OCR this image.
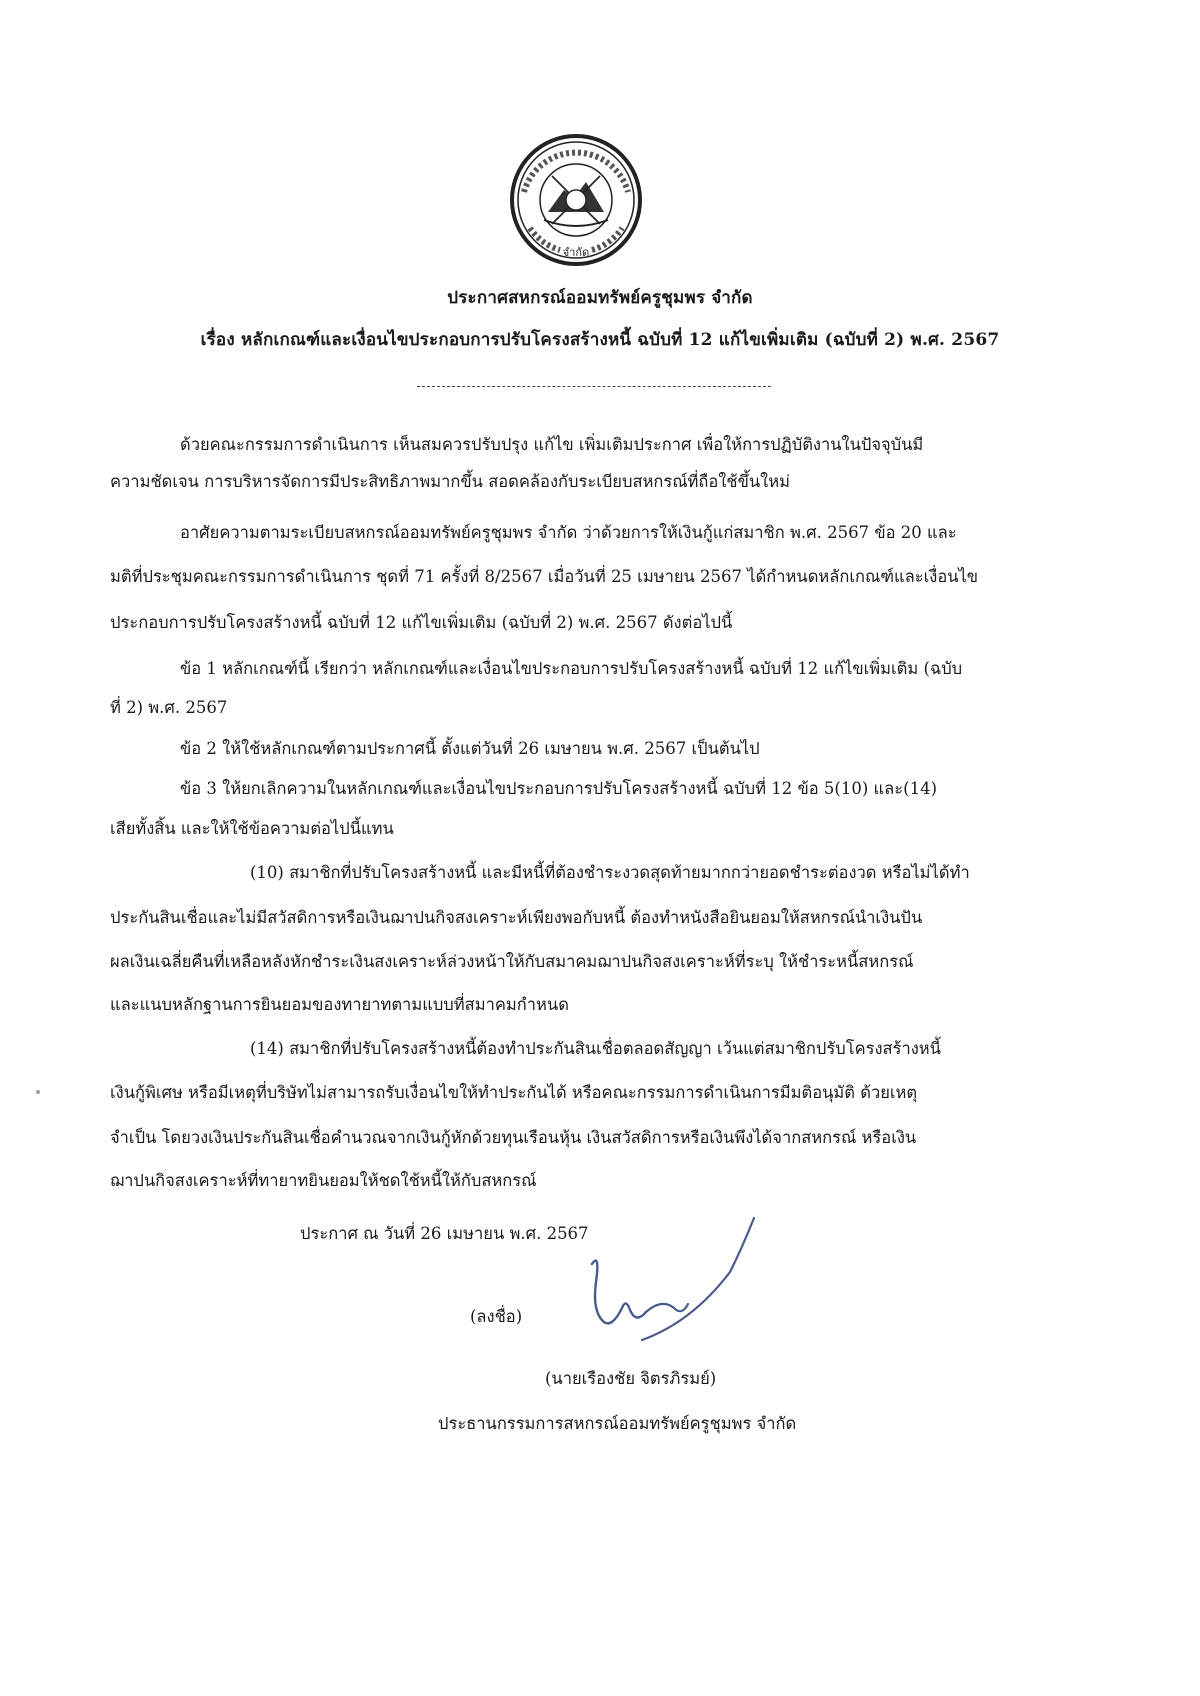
จำกัด
ประกาศสหกรณ์ออมทรัพย์ครูชุมพร จำกัด
เรื่อง หลักเกณฑ์และเงื่อนไขประกอบการปรับโครงสร้างหนี้ ฉบับที่ 12 แก้ไขเพิ่มเติม (ฉบับที่ 2) พ.ศ. 2567
ด้วยคณะกรรมการดำเนินการ เห็นสมควรปรับปรุง แก้ไข เพิ่มเติมประกาศ เพื่อให้การปฏิบัติงานในปัจจุบันมี
ความชัดเจน การบริหารจัดการมีประสิทธิภาพมากขึ้น สอดคล้องกับระเบียบสหกรณ์ที่ถือใช้ขึ้นใหม่
อาศัยความตามระเบียบสหกรณ์ออมทรัพย์ครูชุมพร จำกัด ว่าด้วยการให้เงินกู้แก่สมาชิก พ.ศ. 2567 ข้อ 20 และ
มติที่ประชุมคณะกรรมการดำเนินการ ชุดที่ 71 ครั้งที่ 8/2567 เมื่อวันที่ 25 เมษายน 2567 ได้กำหนดหลักเกณฑ์และเงื่อนไข
ประกอบการปรับโครงสร้างหนี้ ฉบับที่ 12 แก้ไขเพิ่มเติม (ฉบับที่ 2) พ.ศ. 2567 ดังต่อไปนี้
ข้อ 1 หลักเกณฑ์นี้ เรียกว่า หลักเกณฑ์และเงื่อนไขประกอบการปรับโครงสร้างหนี้ ฉบับที่ 12 แก้ไขเพิ่มเติม (ฉบับ
ที่ 2) พ.ศ. 2567
ข้อ 2 ให้ใช้หลักเกณฑ์ตามประกาศนี้ ตั้งแต่วันที่ 26 เมษายน พ.ศ. 2567 เป็นต้นไป
ข้อ 3 ให้ยกเลิกความในหลักเกณฑ์และเงื่อนไขประกอบการปรับโครงสร้างหนี้ ฉบับที่ 12 ข้อ 5(10) และ(14)
เสียทั้งสิ้น และให้ใช้ข้อความต่อไปนี้แทน
(10) สมาชิกที่ปรับโครงสร้างหนี้ และมีหนี้ที่ต้องชำระงวดสุดท้ายมากกว่ายอดชำระต่องวด หรือไม่ได้ทำ
ประกันสินเชื่อและไม่มีสวัสดิการหรือเงินฌาปนกิจสงเคราะห์เพียงพอกับหนี้ ต้องทำหนังสือยินยอมให้สหกรณ์นำเงินปัน
ผลเงินเฉลี่ยคืนที่เหลือหลังหักชำระเงินสงเคราะห์ล่วงหน้าให้กับสมาคมฌาปนกิจสงเคราะห์ที่ระบุ ให้ชำระหนี้สหกรณ์
และแนบหลักฐานการยินยอมของทายาทตามแบบที่สมาคมกำหนด
(14) สมาชิกที่ปรับโครงสร้างหนี้ต้องทำประกันสินเชื่อตลอดสัญญา เว้นแต่สมาชิกปรับโครงสร้างหนี้
เงินกู้พิเศษ หรือมีเหตุที่บริษัทไม่สามารถรับเงื่อนไขให้ทำประกันได้ หรือคณะกรรมการดำเนินการมีมติอนุมัติ ด้วยเหตุ
จำเป็น โดยวงเงินประกันสินเชื่อคำนวณจากเงินกู้หักด้วยทุนเรือนหุ้น เงินสวัสดิการหรือเงินพึงได้จากสหกรณ์ หรือเงิน
ฌาปนกิจสงเคราะห์ที่ทายาทยินยอมให้ชดใช้หนี้ให้กับสหกรณ์
ประกาศ ณ วันที่ 26 เมษายน พ.ศ. 2567
(ลงชื่อ)
(นายเรืองชัย จิตรภิรมย์)
ประธานกรรมการสหกรณ์ออมทรัพย์ครูชุมพร จำกัด
